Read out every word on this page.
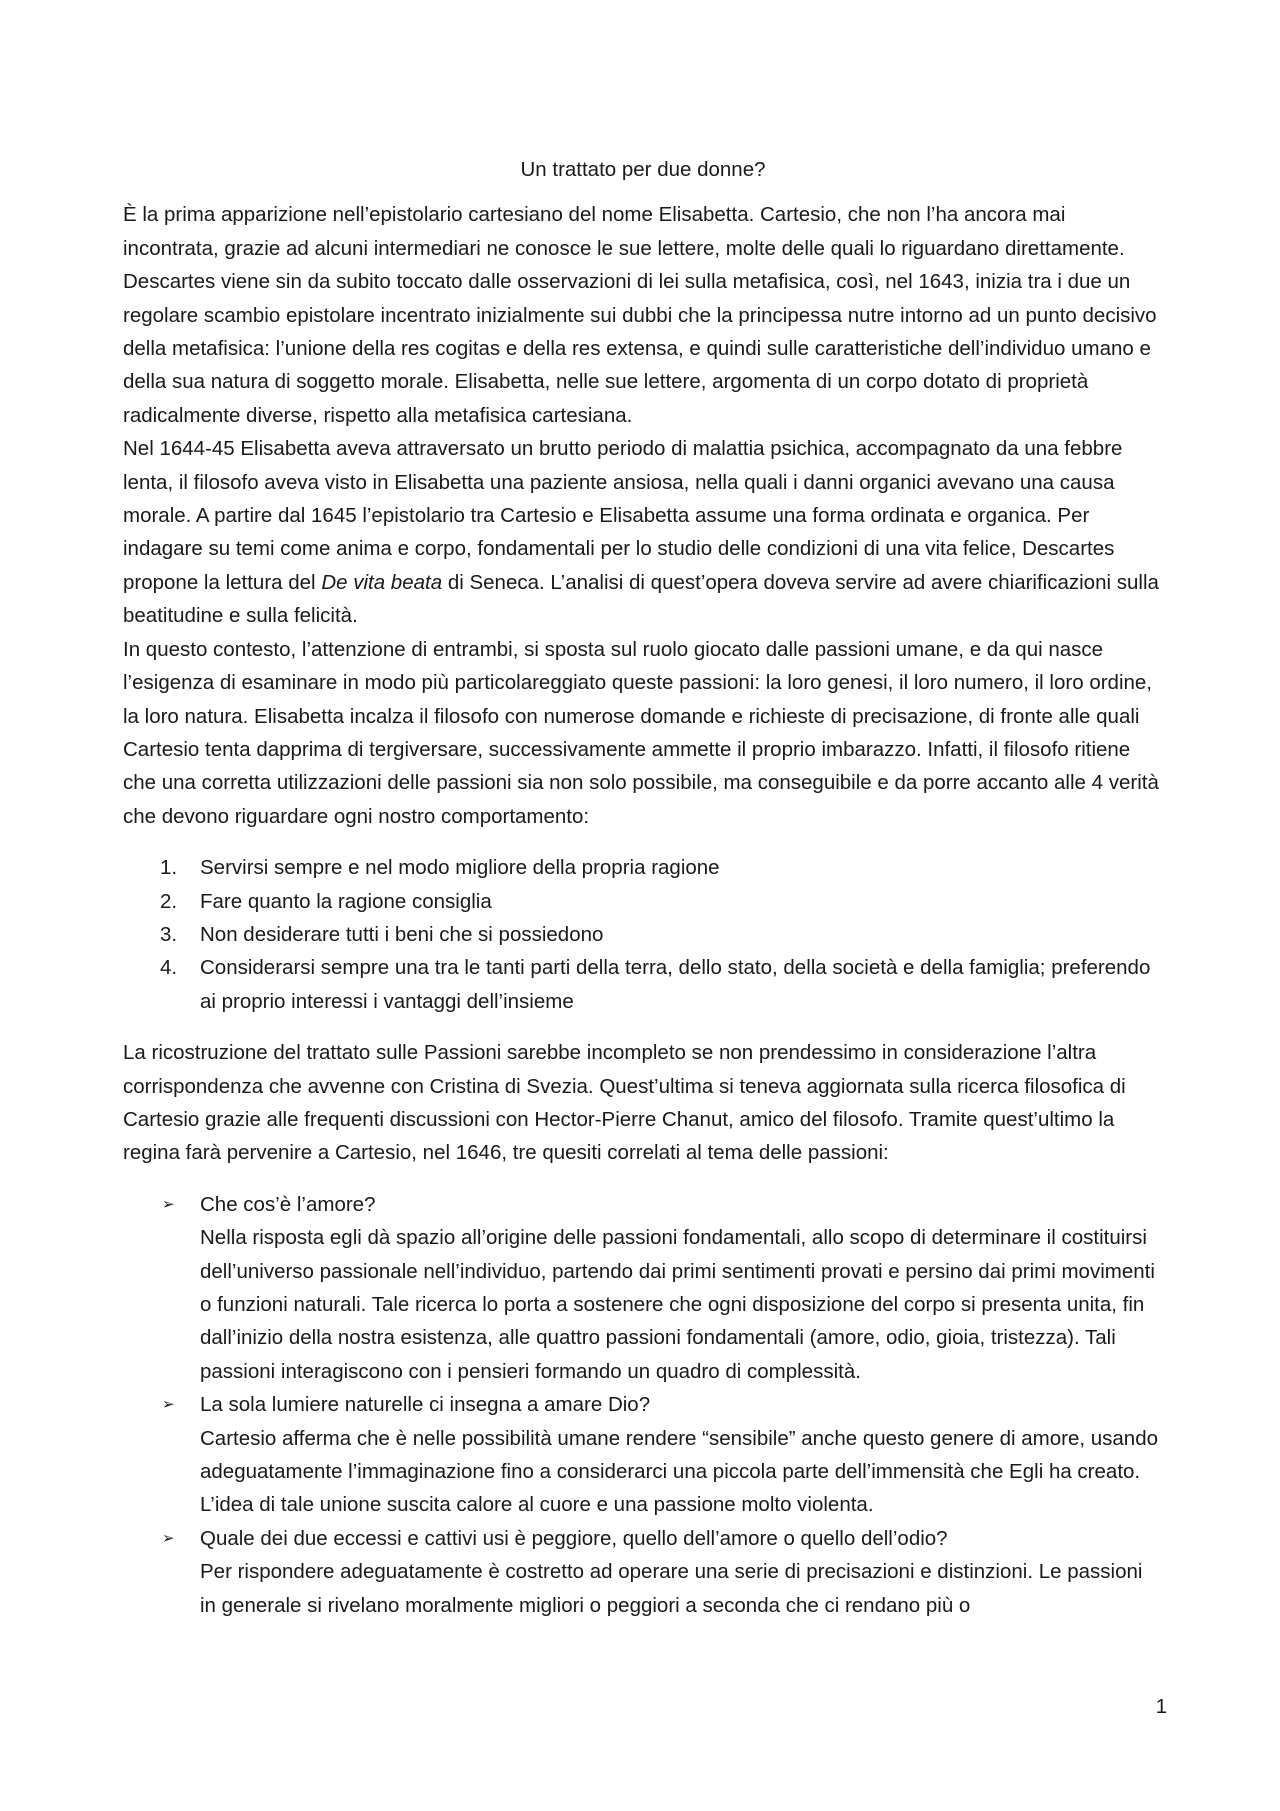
Un trattato per due donne?

È la prima apparizione nell’epistolario cartesiano del nome Elisabetta. Cartesio, che non l’ha ancora mai incontrata, grazie ad alcuni intermediari ne conosce le sue lettere, molte delle quali lo riguardano direttamente. Descartes viene sin da subito toccato dalle osservazioni di lei sulla metafisica, così, nel 1643, inizia tra i due un regolare scambio epistolare incentrato inizialmente sui dubbi che la principessa nutre intorno ad un punto decisivo della metafisica: l’unione della res cogitas e della res extensa, e quindi sulle caratteristiche dell’individuo umano e della sua natura di soggetto morale. Elisabetta, nelle sue lettere, argomenta di un corpo dotato di proprietà radicalmente diverse, rispetto alla metafisica cartesiana.

Nel 1644-45 Elisabetta aveva attraversato un brutto periodo di malattia psichica, accompagnato da una febbre lenta, il filosofo aveva visto in Elisabetta una paziente ansiosa, nella quali i danni organici avevano una causa morale. A partire dal 1645 l’epistolario tra Cartesio e Elisabetta assume una forma ordinata e organica. Per indagare su temi come anima e corpo, fondamentali per lo studio delle condizioni di una vita felice, Descartes propone la lettura del De vita beata di Seneca. L’analisi di quest’opera doveva servire ad avere chiarificazioni sulla beatitudine e sulla felicità.

In questo contesto, l’attenzione di entrambi, si sposta sul ruolo giocato dalle passioni umane, e da qui nasce l’esigenza di esaminare in modo più particolareggiato queste passioni: la loro genesi, il loro numero, il loro ordine, la loro natura. Elisabetta incalza il filosofo con numerose domande e richieste di precisazione, di fronte alle quali Cartesio tenta dapprima di tergiversare, successivamente ammette il proprio imbarazzo. Infatti, il filosofo ritiene che una corretta utilizzazioni delle passioni sia non solo possibile, ma conseguibile e da porre accanto alle 4 verità che devono riguardare ogni nostro comportamento:

1. Servirsi sempre e nel modo migliore della propria ragione
2. Fare quanto la ragione consiglia
3. Non desiderare tutti i beni che si possiedono
4. Considerarsi sempre una tra le tanti parti della terra, dello stato, della società e della famiglia; preferendo ai proprio interessi i vantaggi dell’insieme

La ricostruzione del trattato sulle Passioni sarebbe incompleto se non prendessimo in considerazione l’altra corrispondenza che avvenne con Cristina di Svezia. Quest’ultima si teneva aggiornata sulla ricerca filosofica di Cartesio grazie alle frequenti discussioni con Hector-Pierre Chanut, amico del filosofo. Tramite quest’ultimo la regina farà pervenire a Cartesio, nel 1646, tre quesiti correlati al tema delle passioni:

➢ Che cos’è l’amore?
Nella risposta egli dà spazio all’origine delle passioni fondamentali, allo scopo di determinare il costituirsi dell’universo passionale nell’individuo, partendo dai primi sentimenti provati e persino dai primi movimenti o funzioni naturali. Tale ricerca lo porta a sostenere che ogni disposizione del corpo si presenta unita, fin dall’inizio della nostra esistenza, alle quattro passioni fondamentali (amore, odio, gioia, tristezza). Tali passioni interagiscono con i pensieri formando un quadro di complessità.
➢ La sola lumiere naturelle ci insegna a amare Dio?
Cartesio afferma che è nelle possibilità umane rendere “sensibile” anche questo genere di amore, usando adeguatamente l’immaginazione fino a considerarci una piccola parte dell’immensità che Egli ha creato. L’idea di tale unione suscita calore al cuore e una passione molto violenta.
➢ Quale dei due eccessi e cattivi usi è peggiore, quello dell’amore o quello dell’odio?
Per rispondere adeguatamente è costretto ad operare una serie di precisazioni e distinzioni. Le passioni in generale si rivelano moralmente migliori o peggiori a seconda che ci rendano più o
1
